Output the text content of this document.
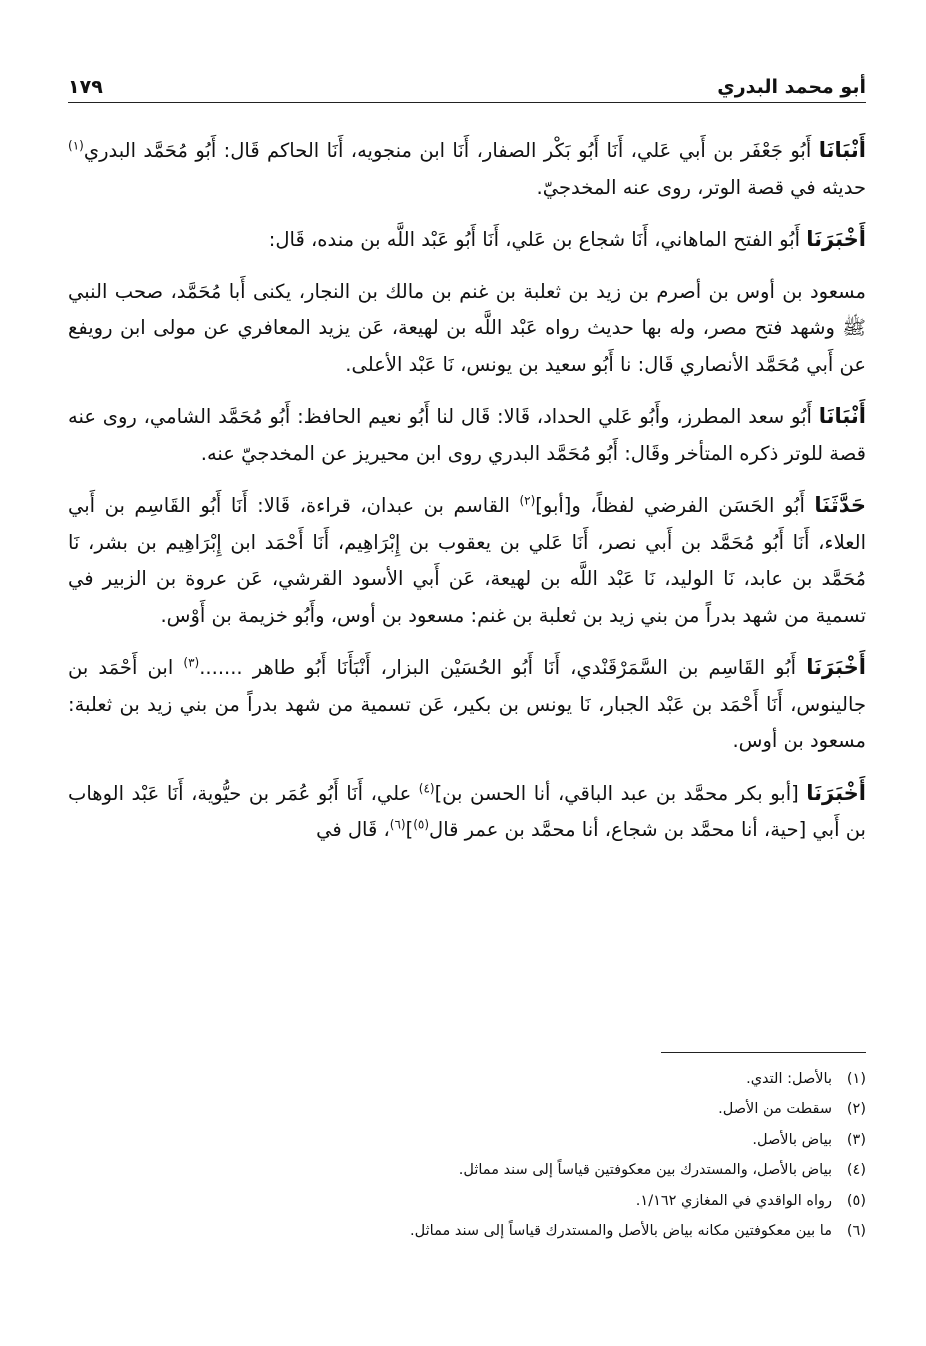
أبو محمد البدري
١٧٩

أَنْبَانَا أَبُو جَعْفَر بن أَبي عَلي، أَنَا أَبُو بَكْر الصفار، أَنَا ابن منجويه، أَنَا الحاكم قَال: أَبُو مُحَمَّد البدري$^{(١)}$ حديثه في قصة الوتر، روى عنه المخدجيّ.

أَخْبَرَنَا أَبُو الفتح الماهاني، أَنَا شجاع بن عَلي، أَنَا أَبُو عَبْد اللَّه بن منده، قَال:

مسعود بن أوس بن أصرم بن زيد بن ثعلبة بن غنم بن مالك بن النجار، يكنى أَبا مُحَمَّد، صحب النبي ﷺ وشهد فتح مصر، وله بها حديث رواه عَبْد اللَّه بن لهيعة، عَن يزيد المعافري عن مولى ابن رويفع عن أَبي مُحَمَّد الأنصاري قَال: نا أَبُو سعيد بن يونس، نَا عَبْد الأعلى.

أَنْبَانَا أَبُو سعد المطرز، وأَبُو عَلي الحداد، قَالا: قَال لنا أَبُو نعيم الحافظ: أَبُو مُحَمَّد الشامي، روى عنه قصة للوتر ذكره المتأخر وقَال: أَبُو مُحَمَّد البدري روى ابن محيريز عن المخدجيّ عنه.

حَدَّثَنَا أَبُو الحَسَن الفرضي لفظاً، و[أبو]$^{(٢)}$ القاسم بن عبدان، قراءة، قَالا: أَنَا أَبُو القَاسِم بن أَبي العلاء، أَنَا أَبُو مُحَمَّد بن أَبي نصر، أَنَا عَلي بن يعقوب بن إِبْرَاهِيم، أَنَا أَحْمَد ابن إِبْرَاهِيم بن بشر، نَا مُحَمَّد بن عابد، نَا الوليد، نَا عَبْد اللَّه بن لهيعة، عَن أَبي الأسود القرشي، عَن عروة بن الزبير في تسمية من شهد بدراً من بني زيد بن ثعلبة بن غنم: مسعود بن أوس، وأَبُو خزيمة بن أَوْس.

أَخْبَرَنَا أَبُو القَاسِم بن السَّمَرْقَنْدي، أَنَا أَبُو الحُسَيْن البزار، أَنْبَأَنَا أَبُو طاهر .......$^{(٣)}$ ابن أَحْمَد بن جالينوس، أَنَا أَحْمَد بن عَبْد الجبار، نَا يونس بن بكير، عَن تسمية من شهد بدراً من بني زيد بن ثعلبة: مسعود بن أوس.

أَخْبَرَنَا [أبو بكر محمَّد بن عبد الباقي، أنا الحسن بن]$^{(٤)}$ علي، أَنَا أَبُو عُمَر بن حيُّوية، أَنَا عَبْد الوهاب بن أَبي [حية، أنا محمَّد بن شجاع، أنا محمَّد بن عمر قال$^{(٥)}$]$^{(٦)}$، قَال في

(١)
بالأصل: التدي.
(٢)
سقطت من الأصل.
(٣)
بياض بالأصل.
(٤)
بياض بالأصل، والمستدرك بين معكوفتين قياساً إلى سند مماثل.
(٥)
رواه الواقدي في المغازي ١/١٦٢.
(٦)
ما بين معكوفتين مكانه بياض بالأصل والمستدرك قياساً إلى سند مماثل.
